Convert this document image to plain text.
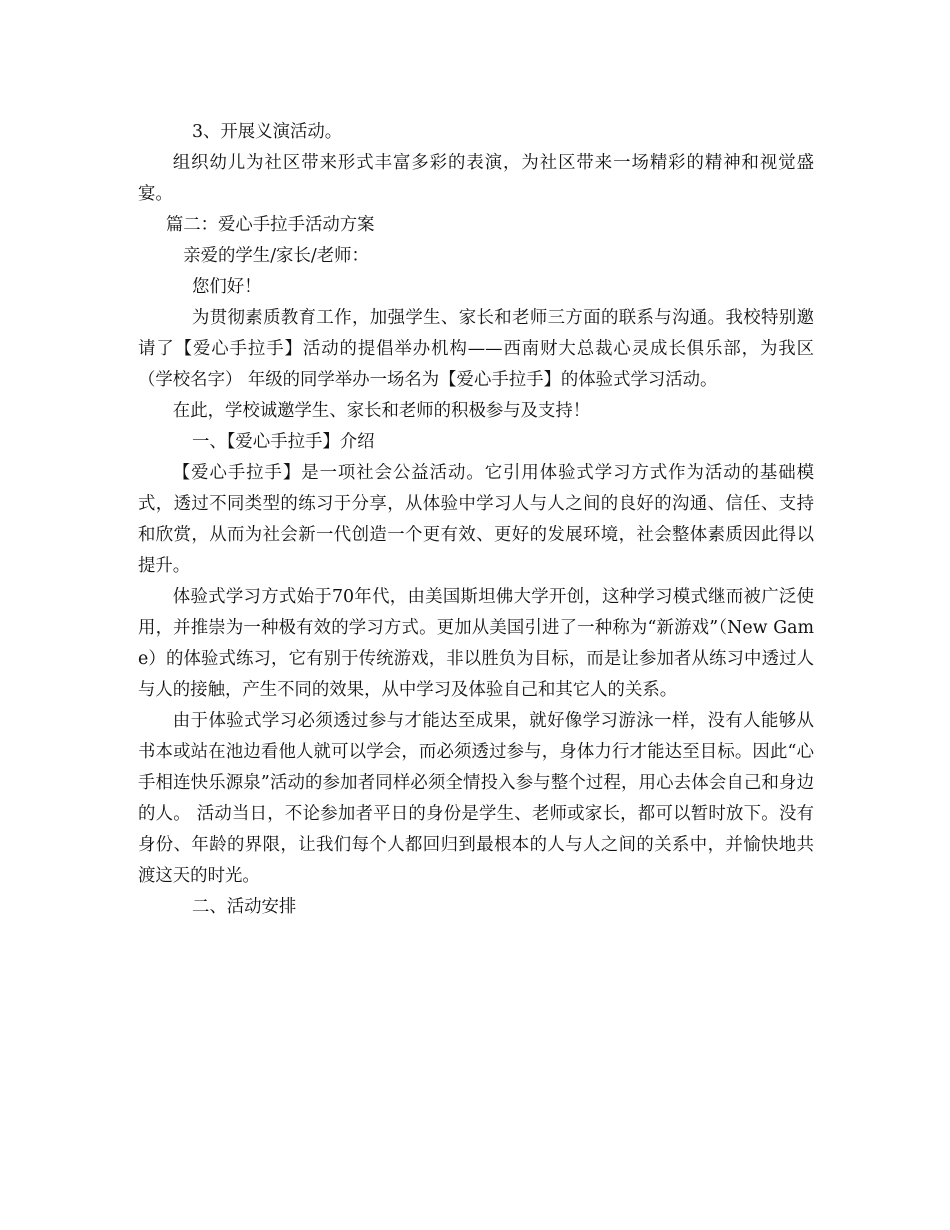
3、开展义演活动。

组织幼儿为社区带来形式丰富多彩的表演，为社区带来一场精彩的精神和视觉盛宴。

篇二：爱心手拉手活动方案

亲爱的学生/家长/老师：

您们好！

为贯彻素质教育工作，加强学生、家长和老师三方面的联系与沟通。我校特别邀请了【爱心手拉手】活动的提倡举办机构——西南财大总裁心灵成长俱乐部，为我区 （学校名字） 年级的同学举办一场名为【爱心手拉手】的体验式学习活动。

在此，学校诚邀学生、家长和老师的积极参与及支持！

一、【爱心手拉手】介绍

【爱心手拉手】是一项社会公益活动。它引用体验式学习方式作为活动的基础模式，透过不同类型的练习于分享，从体验中学习人与人之间的良好的沟通、信任、支持和欣赏，从而为社会新一代创造一个更有效、更好的发展环境，社会整体素质因此得以提升。

体验式学习方式始于70年代，由美国斯坦佛大学开创，这种学习模式继而被广泛使用，并推崇为一种极有效的学习方式。更加从美国引进了一种称为“新游戏”（New Game）的体验式练习，它有别于传统游戏，非以胜负为目标，而是让参加者从练习中透过人与人的接触，产生不同的效果，从中学习及体验自己和其它人的关系。

由于体验式学习必须透过参与才能达至成果，就好像学习游泳一样，没有人能够从书本或站在池边看他人就可以学会，而必须透过参与，身体力行才能达至目标。因此“心手相连快乐源泉”活动的参加者同样必须全情投入参与整个过程，用心去体会自己和身边的人。 活动当日，不论参加者平日的身份是学生、老师或家长，都可以暂时放下。没有身份、年龄的界限，让我们每个人都回归到最根本的人与人之间的关系中，并愉快地共渡这天的时光。

二、活动安排
